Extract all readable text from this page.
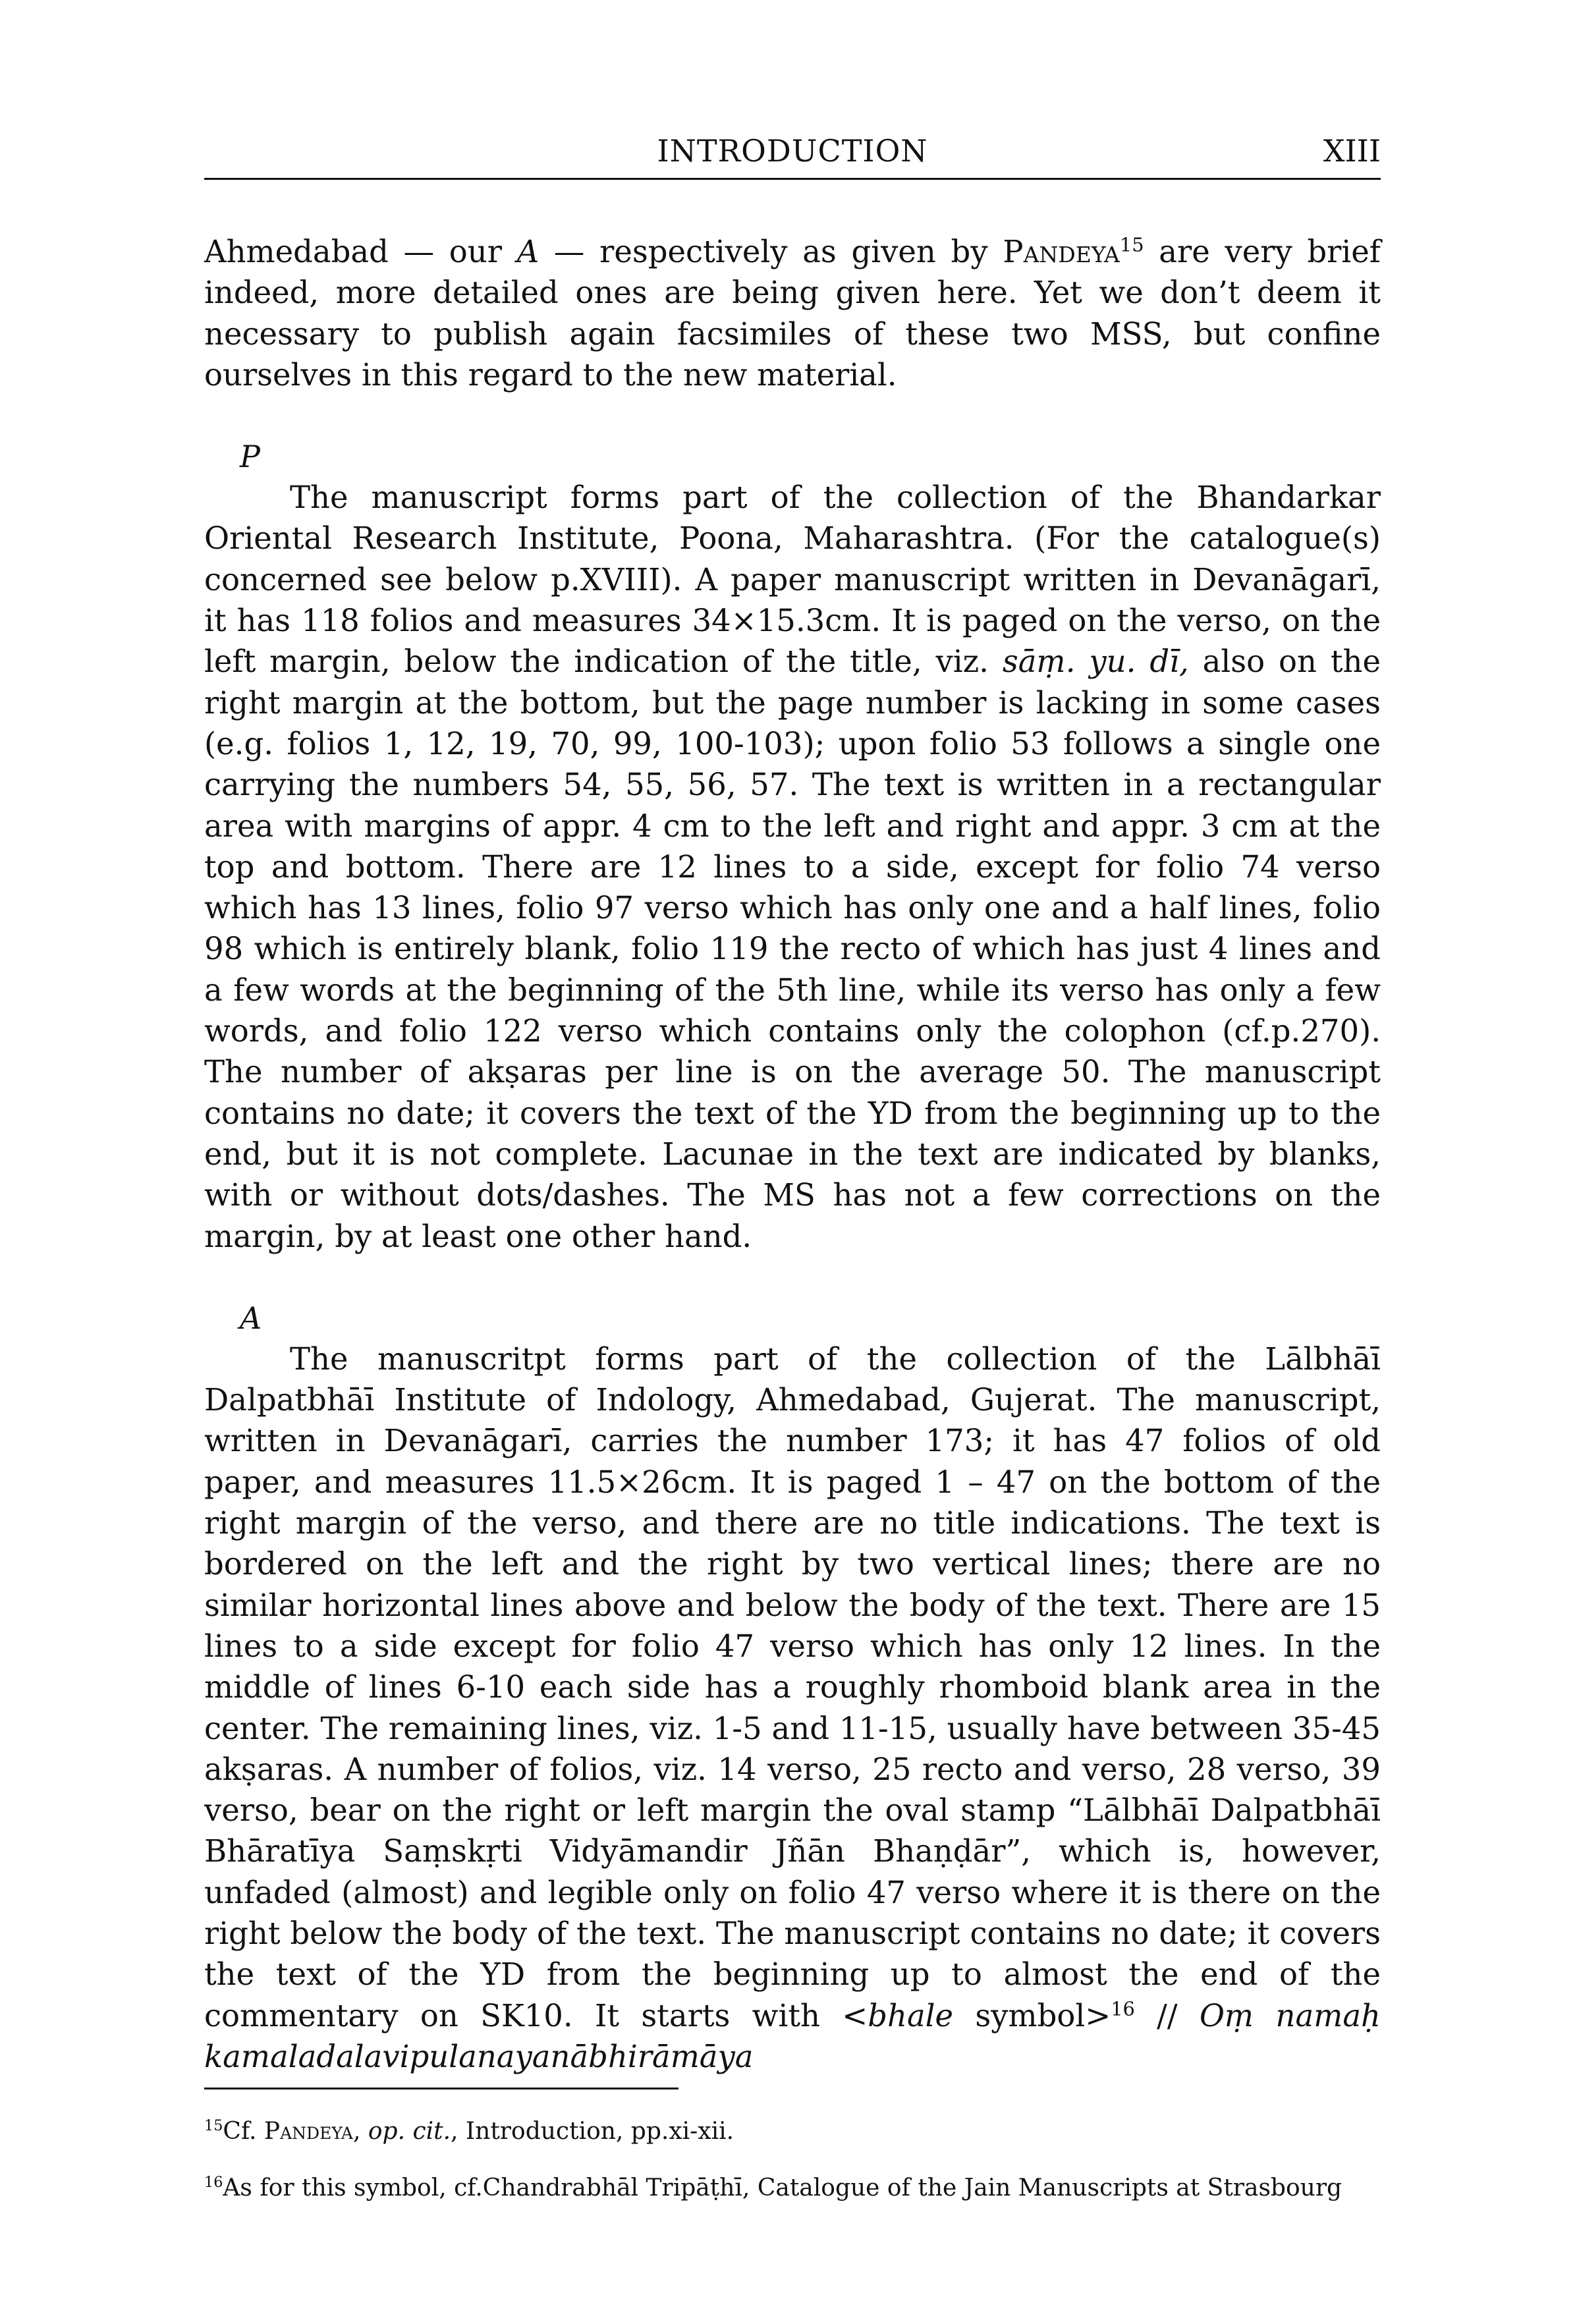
INTRODUCTION	XIII

Ahmedabad — our A — respectively as given by Pandeya$^{15}$ are very brief indeed, more detailed ones are being given here. Yet we don’t deem it necessary to publish again facsimiles of these two MSS, but confine ourselves in this regard to the new material.

P

The manuscript forms part of the collection of the Bhandarkar Oriental Research Institute, Poona, Maharashtra. (For the catalogue(s) concerned see below p.XVIII). A paper manuscript written in Devanāgarī, it has 118 folios and measures 34×15.3cm. It is paged on the verso, on the left margin, below the indication of the title, viz. sāṃ. yu. dī, also on the right margin at the bottom, but the page number is lacking in some cases (e.g. folios 1, 12, 19, 70, 99, 100-103); upon folio 53 follows a single one carrying the numbers 54, 55, 56, 57. The text is written in a rectangular area with margins of appr. 4 cm to the left and right and appr. 3 cm at the top and bottom. There are 12 lines to a side, except for folio 74 verso which has 13 lines, folio 97 verso which has only one and a half lines, folio 98 which is entirely blank, folio 119 the recto of which has just 4 lines and a few words at the beginning of the 5th line, while its verso has only a few words, and folio 122 verso which contains only the colophon (cf.p.270). The number of akṣaras per line is on the average 50. The manuscript contains no date; it covers the text of the YD from the beginning up to the end, but it is not complete. Lacunae in the text are indicated by blanks, with or without dots/dashes. The MS has not a few corrections on the margin, by at least one other hand.

A

The manuscritpt forms part of the collection of the Lālbhāī Dalpatbhāī Institute of Indology, Ahmedabad, Gujerat. The manuscript, written in Devanāgarī, carries the number 173; it has 47 folios of old paper, and measures 11.5×26cm. It is paged 1 – 47 on the bottom of the right margin of the verso, and there are no title indications. The text is bordered on the left and the right by two vertical lines; there are no similar horizontal lines above and below the body of the text. There are 15 lines to a side except for folio 47 verso which has only 12 lines. In the middle of lines 6-10 each side has a roughly rhomboid blank area in the center. The remaining lines, viz. 1-5 and 11-15, usually have between 35-45 akṣaras. A number of folios, viz. 14 verso, 25 recto and verso, 28 verso, 39 verso, bear on the right or left margin the oval stamp “Lālbhāī Dalpatbhāī Bhāratīya Saṃskṛti Vidyāmandir Jñān Bhaṇḍār”, which is, however, unfaded (almost) and legible only on folio 47 verso where it is there on the right below the body of the text. The manuscript contains no date; it covers the text of the YD from the beginning up to almost the end of the commentary on SK10. It starts with <bhale symbol>$^{16}$ // Oṃ namaḥ kamaladalavipulanayanābhirāmāya

$^{15}$Cf. Pandeya, op. cit., Introduction, pp.xi-xii.
$^{16}$As for this symbol, cf.Chandrabhāl Tripāṭhī, Catalogue of the Jain Manuscripts at Strasbourg
